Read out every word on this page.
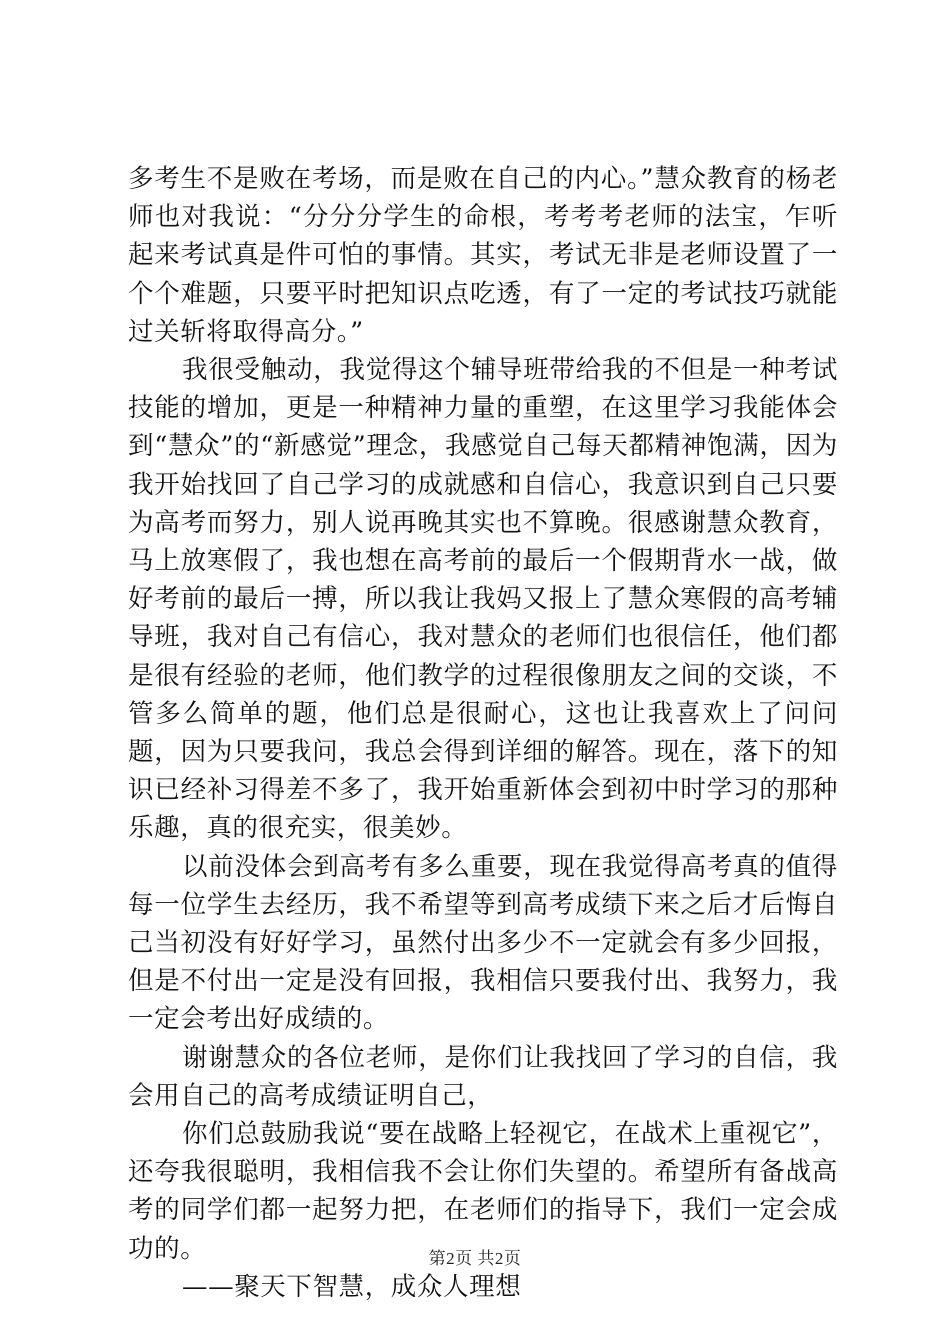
多考生不是败在考场，而是败在自己的内心。”慧众教育的杨老师也对我说：“分分分学生的命根，考考考老师的法宝，乍听起来考试真是件可怕的事情。其实，考试无非是老师设置了一个个难题，只要平时把知识点吃透，有了一定的考试技巧就能过关斩将取得高分。”

我很受触动，我觉得这个辅导班带给我的不但是一种考试技能的增加，更是一种精神力量的重塑，在这里学习我能体会到“慧众”的“新感觉”理念，我感觉自己每天都精神饱满，因为我开始找回了自己学习的成就感和自信心，我意识到自己只要为高考而努力，别人说再晚其实也不算晚。很感谢慧众教育，马上放寒假了，我也想在高考前的最后一个假期背水一战，做好考前的最后一搏，所以我让我妈又报上了慧众寒假的高考辅导班，我对自己有信心，我对慧众的老师们也很信任，他们都是很有经验的老师，他们教学的过程很像朋友之间的交谈，不管多么简单的题，他们总是很耐心，这也让我喜欢上了问问题，因为只要我问，我总会得到详细的解答。现在，落下的知识已经补习得差不多了，我开始重新体会到初中时学习的那种乐趣，真的很充实，很美妙。

以前没体会到高考有多么重要，现在我觉得高考真的值得每一位学生去经历，我不希望等到高考成绩下来之后才后悔自己当初没有好好学习，虽然付出多少不一定就会有多少回报，但是不付出一定是没有回报，我相信只要我付出、我努力，我一定会考出好成绩的。

谢谢慧众的各位老师，是你们让我找回了学习的自信，我会用自己的高考成绩证明自己，

你们总鼓励我说“要在战略上轻视它，在战术上重视它”，还夸我很聪明，我相信我不会让你们失望的。希望所有备战高考的同学们都一起努力把，在老师们的指导下，我们一定会成功的。

——聚天下智慧，成众人理想

第2页 共2页
